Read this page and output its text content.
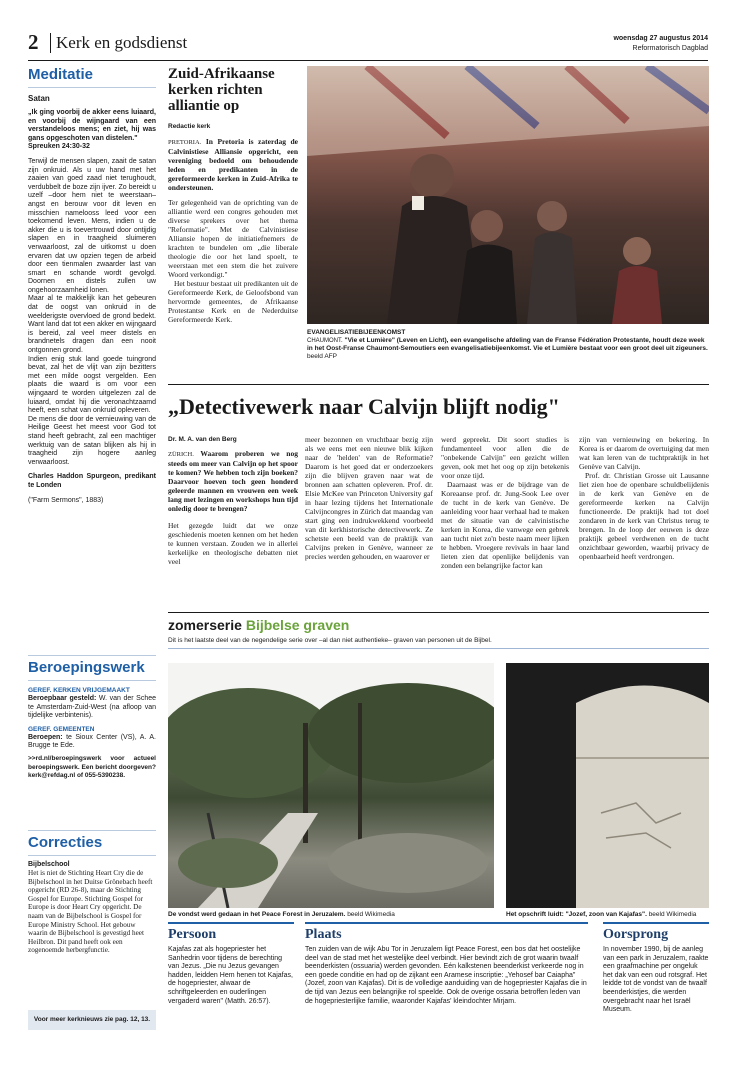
2 Kerk en godsdienst	woensdag 27 augustus 2014
Reformatorisch Dagblad
Meditatie
Satan

„Ik ging voorbij de akker eens luiaard, en voorbij de wijngaard van een verstandeloos mens; en ziet, hij was gans opgeschoten van distelen."

Spreuken 24:30-32

Terwijl de mensen slapen, zaait de satan zijn onkruid. Als u uw hand met het zaaien van goed zaad niet terughoudt, verdubbelt de boze zijn ijver. Zo bereidt u uzelf –door hem niet te weerstaan– angst en berouw voor dit leven en misschien namelooss leed voor een toekomend leven. Mens, indien u de akker die u is toevertrouwd door ontijdig slapen en in traagheid sluimeren verwaarloost, zal de uitkomst u doen ervaren dat uw opzien tegen de arbeid door een tienmalen zwaarder last van smart en schande wordt gevolgd. Doornen en distels zullen uw ongehoorzaamheid lonen.

Maar al te makkelijk kan het gebeuren dat de oogst van onkruid in de weelderigste overvloed de grond bedekt. Want land dat tot een akker en wijngaard is bereid, zal veel meer distels en brandnetels dragen dan een nooit ontgonnen grond.

Indien enig stuk land goede tuingrond bevat, zal het de vlijt van zijn bezitters met een milde oogst vergelden. Een plaats die waard is om voor een wijngaard te worden uitgelezen zal de luiaard, omdat hij die veronachtzaamd heeft, een schat van onkruid opleveren.

De mens die door de vernieuwing van de Heilige Geest het meest voor God tot stand heeft gebracht, zal een machtiger werktuig van de satan blijken als hij in traagheid zijn hogere aanleg verwaarloost.

Charles Haddon Spurgeon, predikant te Londen

("Farm Sermons", 1883)

Beroepingswerk
GEREF. KERKEN VRIJGEMAAKT

Beroepbaar gesteld: W. van der Schee te Amsterdam-Zuid-West (na afloop van tijdelijke verbintenis).

GEREF. GEMEENTEN

Beroepen: te Sioux Center (VS), A. A. Brugge te Ede.

>>rd.nl/beroepingswerk voor actueel beroepingswerk. Een bericht doorgeven? kerk@refdag.nl of 055-5390238.

Correcties
Bijbelschool

Het is niet de Stichting Heart Cry die de Bijbelschool in het Duitse Grönebach heeft opgericht (RD 26-8), maar de Stichting Gospel for Europe. Stichting Gospel for Europe is door Heart Cry opgericht. De naam van de Bijbelschool is Gospel for Europe Ministry School. Het gebouw waarin de Bijbelschool is gevestigd heet Heilbron. Dit pand heeft ook een zogenoemde herbergfunctie.

Voor meer kerknieuws zie pag. 12, 13.
Zuid-Afrikaanse kerken richten alliantie op
Redactie kerk

PRETORIA. In Pretoria is zaterdag de Calvinistiese Alliansie opgericht, een vereniging bedoeld om behoudende leden en predikanten in de gereformeerde kerken in Zuid-Afrika te ondersteunen.

Ter gelegenheid van de oprichting van de alliantie werd een congres gehouden met diverse sprekers over het thema "Reformatie". Met de Calvinistiese Alliansie hopen de initiatiefnemers de krachten te bundelen om „die liberale theologie die oor het land spoelt, te weerstaan met een stem die het zuivere Woord verkondigt."

Het bestuur bestaat uit predikanten uit de Gereformeerde Kerk, de Geloofsbond van hervormde gemeentes, de Afrikaanse Protestantse Kerk en de Nederduitse Gereformeerde Kerk.

EVANGELISATIEBIJEENKOMST

CHAUMONT. "Vie et Lumière" (Leven en Licht), een evangelische afdeling van de Franse Fédération Protestante, houdt deze week in het Oost-Franse Chaumont-Semoutiers een evangelisatiebijeenkomst. Vie et Lumière bestaat voor een groot deel uit zigeuners. beeld AFP

„Detectivewerk naar Calvijn blijft nodig"
Dr. M. A. van den Berg

ZÜRICH. Waarom proberen we nog steeds om meer van Calvijn op het spoor te komen? We hebben toch zijn boeken? Daarvoor hoeven toch geen honderd geleerde mannen en vrouwen een week lang met lezingen en workshops hun tijd onledig door te brengen?

Het gezegde luidt dat we onze geschiedenis moeten kennen om het heden te kunnen verstaan. Zouden we in allerlei kerkelijke en theologische debatten niet veel

meer bezonnen en vruchtbaar bezig zijn als we eens met een nieuwe blik kijken naar de 'helden' van de Reformatie? Daarom is het goed dat er onderzoekers zijn die blijven graven naar wat de bronnen aan schatten opleveren. Prof. dr. Elsie McKee van Princeton University gaf in haar lezing tijdens het Internationale Calvijncongres in Zürich dat maandag van start ging een indrukwekkend voorbeeld van dit kerkhistorische detectivewerk. Ze schetste een beeld van de praktijk van Calvijns preken in Genève, wanneer ze precies werden gehouden, en waarover er

werd gepreekt. Dit soort studies is fundamenteel voor allen die de "onbekende Calvijn" een gezicht willen geven, ook met het oog op zijn betekenis voor onze tijd.

Daarnaast was er de bijdrage van de Koreaanse prof. dr. Jung-Sook Lee over de tucht in de kerk van Genève. De aanleiding voor haar verhaal had te maken met de situatie van de calvinistische kerken in Korea, die vanwege een gebrek aan tucht niet zo'n beste naam meer lijken te hebben. Vroegere revivals in haar land lieten zien dat openlijke belijdenis van zonden een belangrijke factor kan

zijn van vernieuwing en bekering. In Korea is er daarom de overtuiging dat men wat kan leren van de tuchtpraktijk in het Genève van Calvijn.

Prof. dr. Christian Grosse uit Lausanne liet zien hoe de openbare schuldbelijdenis in de kerk van Genève en de gereformeerde kerken na Calvijn functioneerde. De praktijk had tot doel zondaren in de kerk van Christus terug te brengen. In de loop der eeuwen is deze praktijk gebeel verdwenen en de tucht onzichtbaar geworden, waarbij privacy de openbaarheid heeft verdrongen.

zomerserie Bijbelse graven
Dit is het laatste deel van de negendelige serie over –al dan niet authentieke– graven van personen uit de Bijbel.
De vondst werd gedaan in het Peace Forest in Jeruzalem. beeld Wikimedia	Het opschrift luidt: "Jozef, zoon van Kajafas". beeld Wikimedia
Persoon

Kajafas zat als hogepriester het Sanhedrin voor tijdens de berechting van Jezus. „Die nu Jezus gevangen hadden, leidden Hem henen tot Kajafas, de hogepriester, alwaar de schriftgeleerden en ouderlingen vergaderd waren" (Matth. 26:57).

Plaats

Ten zuiden van de wijk Abu Tor in Jeruzalem ligt Peace Forest, een bos dat het oostelijke deel van de stad met het westelijke deel verbindt. Hier bevindt zich de grot waarin twaalf beenderkisten (ossuaria) werden gevonden. Eén kalkstenen beenderkist verkeerde nog in een goede conditie en had op de zijkant een Aramese inscriptie: „Yehosef bar Caiapha" (Jozef, zoon van Kajafas). Dit is de volledige aanduiding van de hogepriester Kajafas die in de tijd van Jezus een belangrijke rol speelde. Ook de overige ossaria betroffen leden van de hogepriesterlijke familie, waaronder Kajafas' kleindochter Mirjam.

Oorsprong

In november 1990, bij de aanleg van een park in Jeruzalem, raakte een graafmachine per ongeluk het dak van een oud rotsgraf. Het leidde tot de vondst van de twaalf beenderkistjes, die werden overgebracht naar het Israël Museum.
